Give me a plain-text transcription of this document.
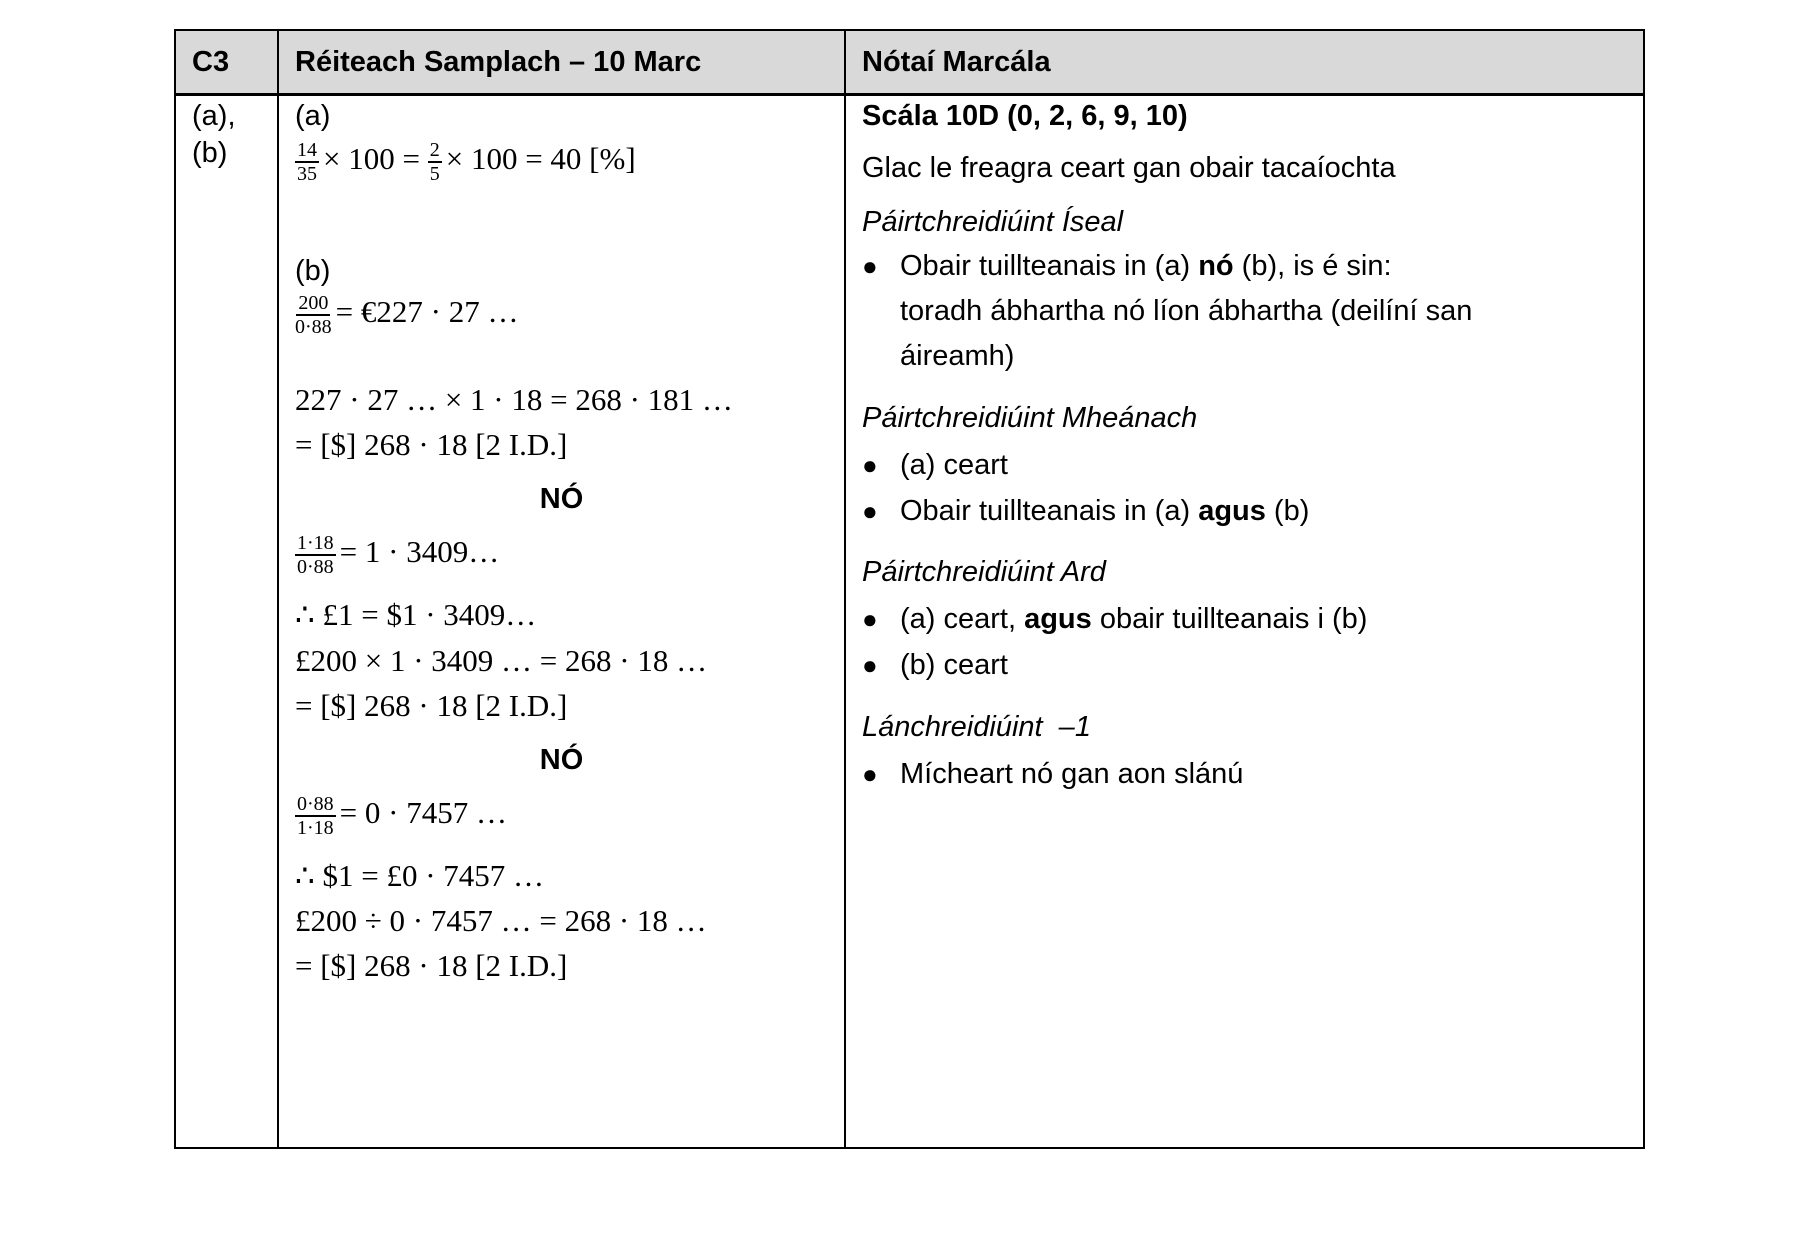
C3	Réiteach Samplach – 10 Marc	Nótaí Marcála
(a),
(b)
(a)
$\frac{14}{35} \times 100 = \frac{2}{5} \times 100 = 40$ [%]
(b)
$\frac{200}{0\cdot 88}$ = €227 · 27 …
227 · 27 … × 1 · 18 = 268 · 181 …
= [$] 268 · 18 [2 I.D.]
NÓ
$\frac{1\cdot 18}{0\cdot 88} = 1$ · 3409…
∴ £1 = $1 · 3409…
£200 × 1 · 3409 … = 268 · 18 …
= [$] 268 · 18 [2 I.D.]
NÓ
$\frac{0\cdot 88}{1\cdot 18} = 0 \cdot 7457$ …
∴ $1 = £0 · 7457 …
£200 ÷ 0 · 7457 … = 268 · 18 …
= [$] 268 · 18 [2 I.D.]
Scála 10D (0, 2, 6, 9, 10)
Glac le freagra ceart gan obair tacaíochta
Páirtchreidiúint Íseal
● Obair tuillteanais in (a) nó (b), is é sin:
toradh ábhartha nó líon ábhartha (deilíní san
áireamh)
Páirtchreidiúint Mheánach
● (a) ceart
● Obair tuillteanais in (a) agus (b)
Páirtchreidiúint Ard
● (a) ceart, agus obair tuillteanais i (b)
● (b) ceart
Lánchreidiúint  –1
● Mícheart nó gan aon slánú
